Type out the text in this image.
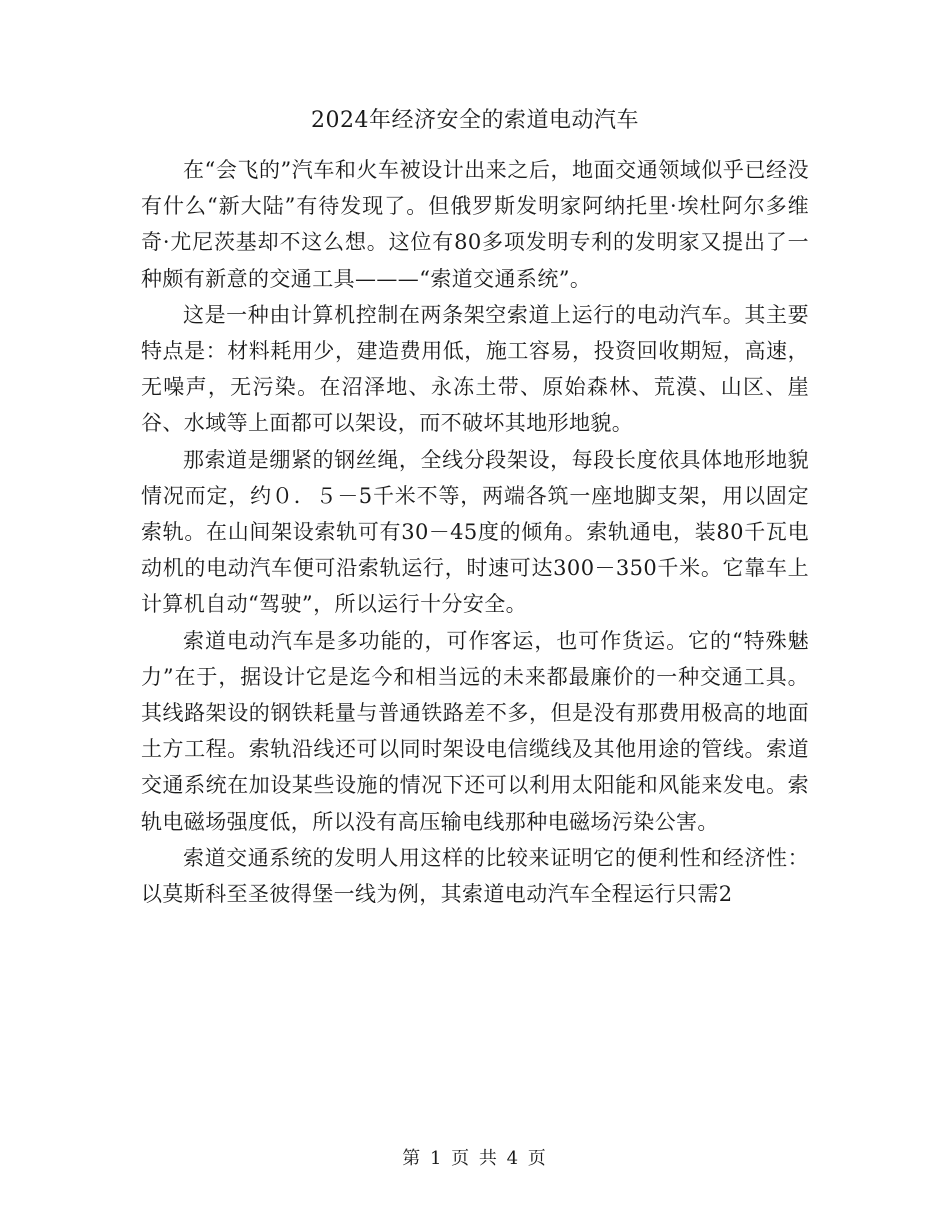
2024年经济安全的索道电动汽车

在“会飞的”汽车和火车被设计出来之后，地面交通领域似乎已经没有什么“新大陆”有待发现了。但俄罗斯发明家阿纳托里·埃杜阿尔多维奇·尤尼茨基却不这么想。这位有80多项发明专利的发明家又提出了一种颇有新意的交通工具———“索道交通系统”。

这是一种由计算机控制在两条架空索道上运行的电动汽车。其主要特点是：材料耗用少，建造费用低，施工容易，投资回收期短，高速，无噪声，无污染。在沼泽地、永冻土带、原始森林、荒漠、山区、崖谷、水域等上面都可以架设，而不破坏其地形地貌。

那索道是绷紧的钢丝绳，全线分段架设，每段长度依具体地形地貌情况而定，约０．５－5千米不等，两端各筑一座地脚支架，用以固定索轨。在山间架设索轨可有30－45度的倾角。索轨通电，装80千瓦电动机的电动汽车便可沿索轨运行，时速可达300－350千米。它靠车上计算机自动“驾驶”，所以运行十分安全。

索道电动汽车是多功能的，可作客运，也可作货运。它的“特殊魅力”在于，据设计它是迄今和相当远的未来都最廉价的一种交通工具。其线路架设的钢铁耗量与普通铁路差不多，但是没有那费用极高的地面土方工程。索轨沿线还可以同时架设电信缆线及其他用途的管线。索道交通系统在加设某些设施的情况下还可以利用太阳能和风能来发电。索轨电磁场强度低，所以没有高压输电线那种电磁场污染公害。

索道交通系统的发明人用这样的比较来证明它的便利性和经济性：以莫斯科至圣彼得堡一线为例，其索道电动汽车全程运行只需2

第 1 页 共 4 页
